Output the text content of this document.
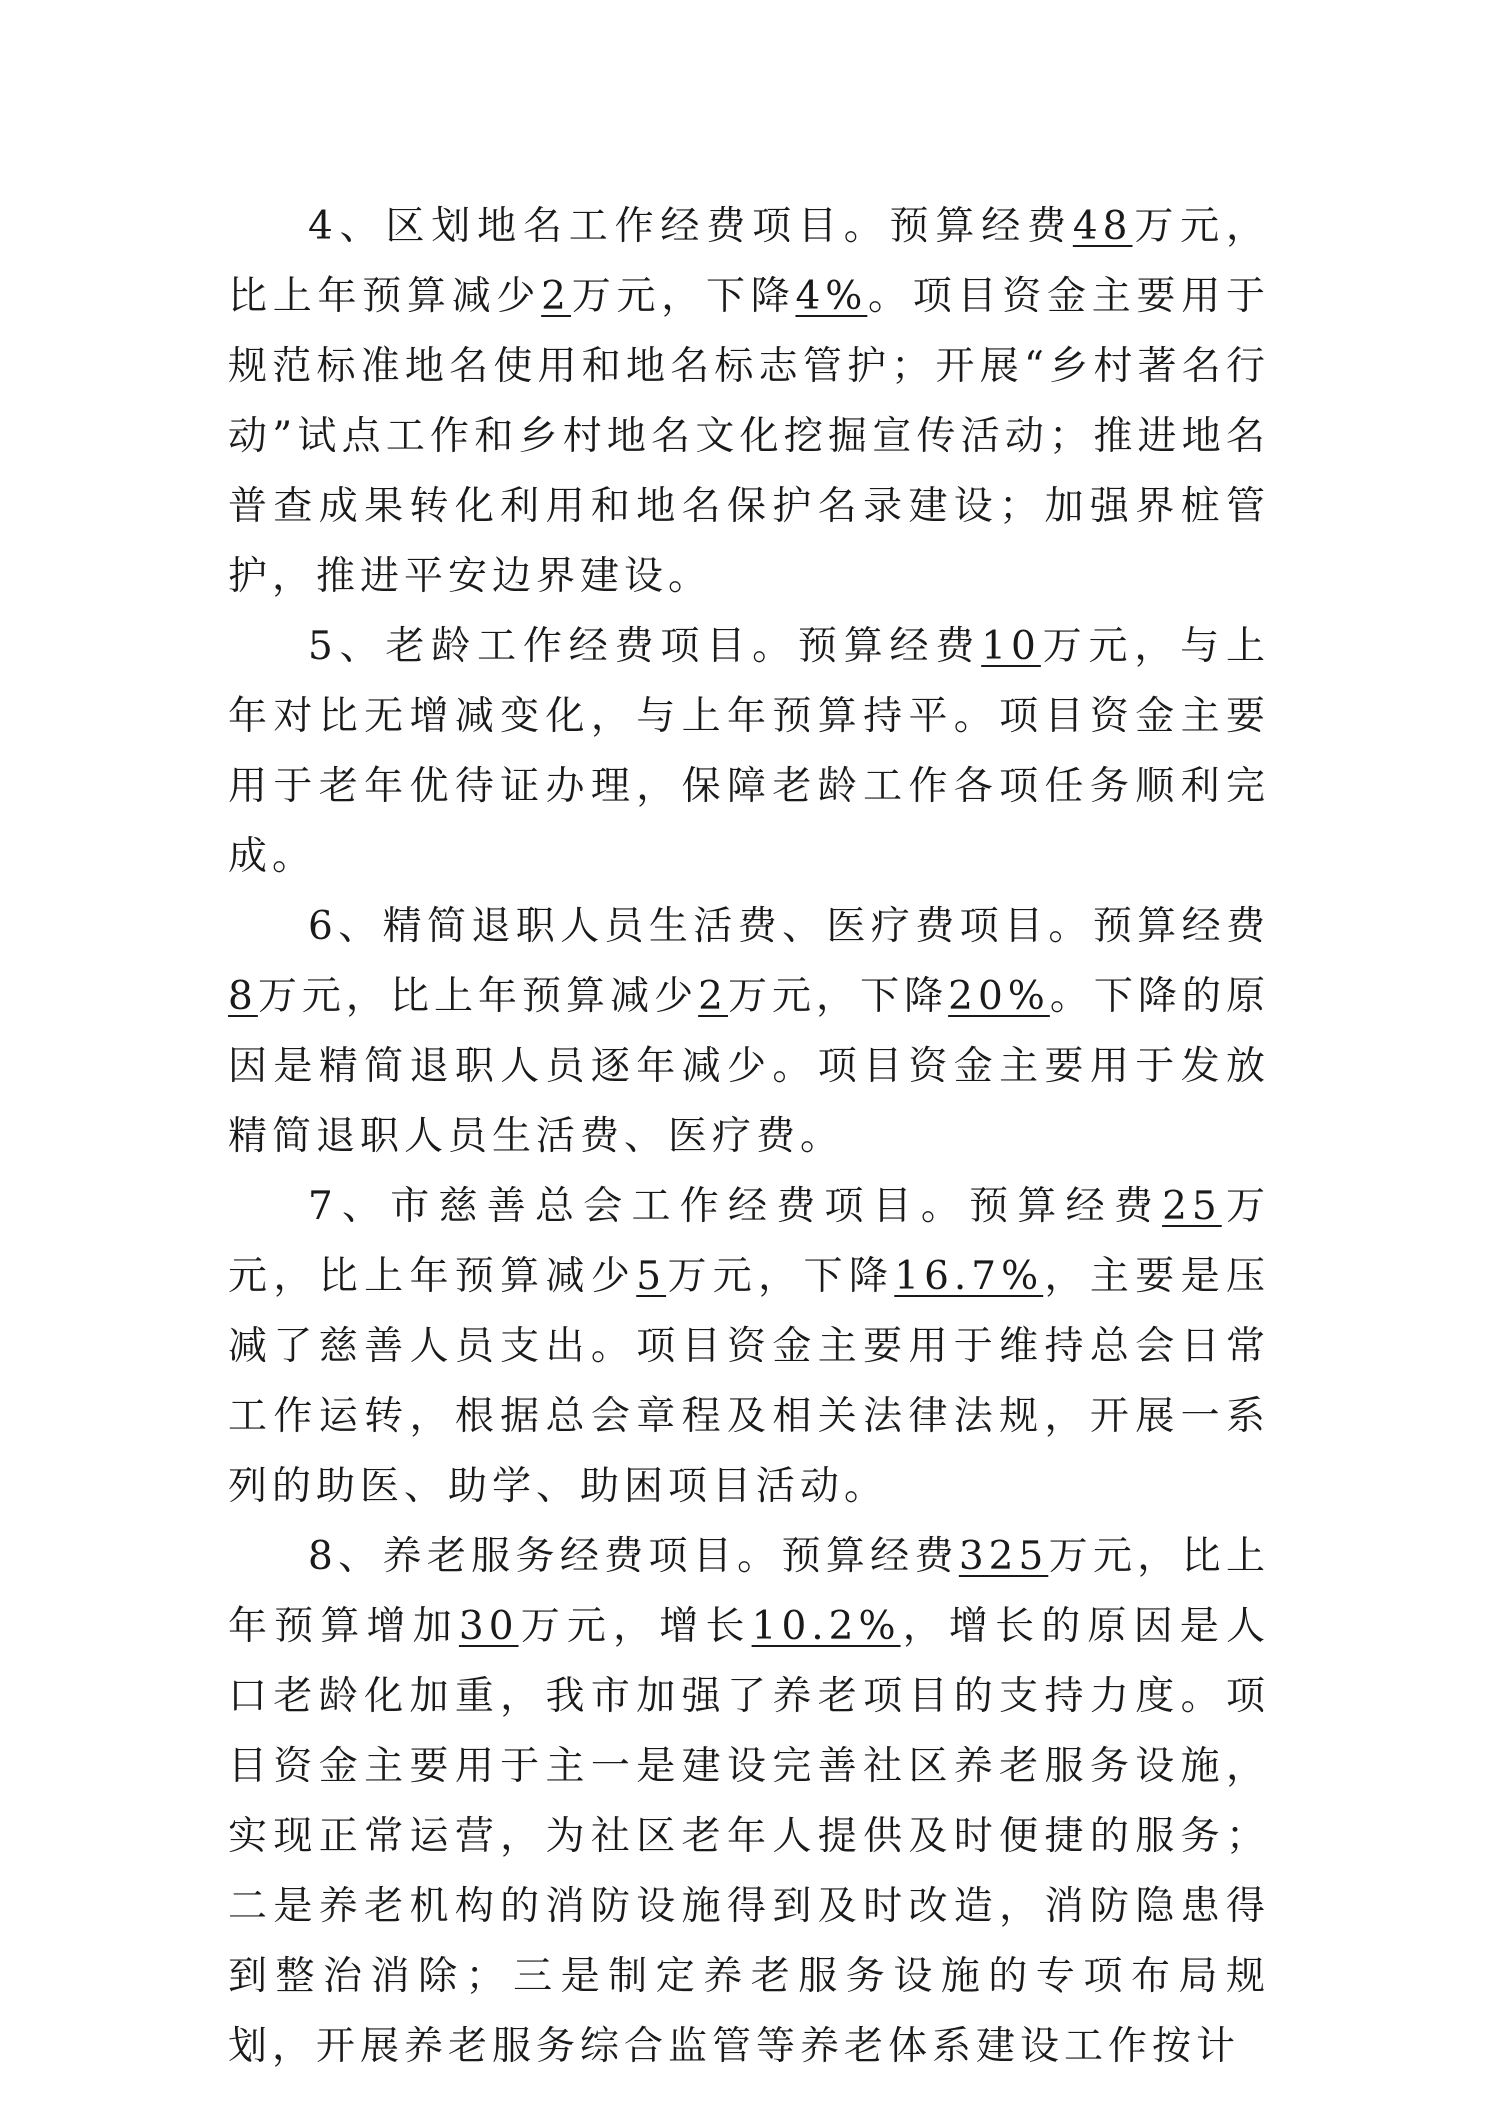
4、区划地名工作经费项目。预算经费48万元，比上年预算减少2万元，下降4%。项目资金主要用于规范标准地名使用和地名标志管护；开展“乡村著名行动”试点工作和乡村地名文化挖掘宣传活动；推进地名普查成果转化利用和地名保护名录建设；加强界桩管护，推进平安边界建设。

5、老龄工作经费项目。预算经费10万元，与上年对比无增减变化，与上年预算持平。项目资金主要用于老年优待证办理，保障老龄工作各项任务顺利完成。

6、精简退职人员生活费、医疗费项目。预算经费8万元，比上年预算减少2万元，下降20%。下降的原因是精简退职人员逐年减少。项目资金主要用于发放精简退职人员生活费、医疗费。

7、市慈善总会工作经费项目。预算经费25万元，比上年预算减少5万元，下降16.7%，主要是压减了慈善人员支出。项目资金主要用于维持总会日常工作运转，根据总会章程及相关法律法规，开展一系列的助医、助学、助困项目活动。

8、养老服务经费项目。预算经费325万元，比上年预算增加30万元，增长10.2%，增长的原因是人口老龄化加重，我市加强了养老项目的支持力度。项目资金主要用于主一是建设完善社区养老服务设施，实现正常运营，为社区老年人提供及时便捷的服务；二是养老机构的消防设施得到及时改造，消防隐患得到整治消除；三是制定养老服务设施的专项布局规划，开展养老服务综合监管等养老体系建设工作按计
